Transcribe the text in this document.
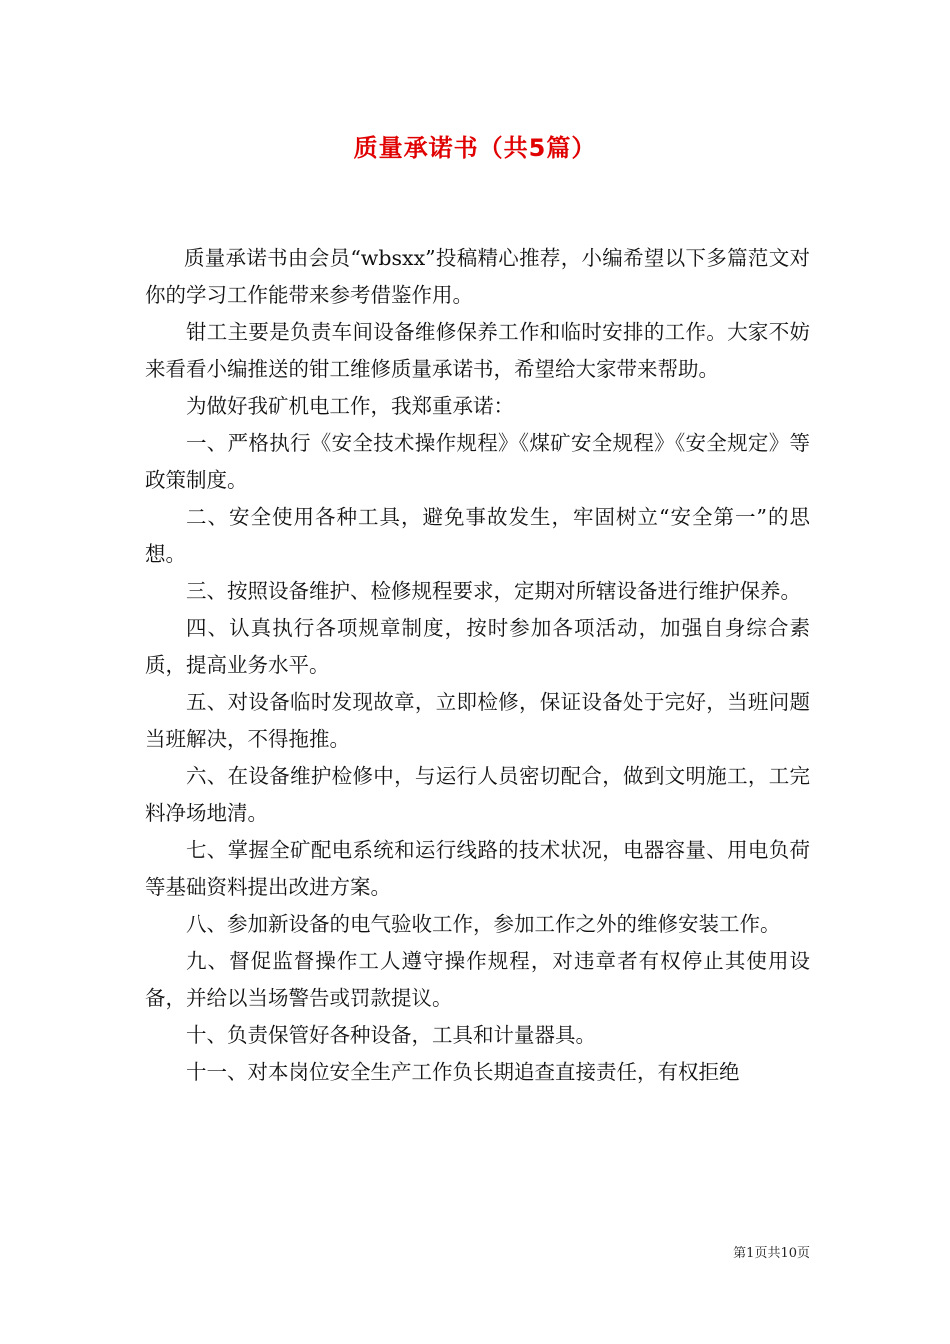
质量承诺书（共5篇）

质量承诺书由会员“wbsxx”投稿精心推荐，小编希望以下多篇范文对你的学习工作能带来参考借鉴作用。

钳工主要是负责车间设备维修保养工作和临时安排的工作。大家不妨来看看小编推送的钳工维修质量承诺书，希望给大家带来帮助。

为做好我矿机电工作，我郑重承诺：

一、严格执行《安全技术操作规程》《煤矿安全规程》《安全规定》等政策制度。

二、安全使用各种工具，避免事故发生，牢固树立“安全第一”的思想。

三、按照设备维护、检修规程要求，定期对所辖设备进行维护保养。

四、认真执行各项规章制度，按时参加各项活动，加强自身综合素质，提高业务水平。

五、对设备临时发现故章，立即检修，保证设备处于完好，当班问题当班解决，不得拖推。

六、在设备维护检修中，与运行人员密切配合，做到文明施工，工完料净场地清。

七、掌握全矿配电系统和运行线路的技术状况，电器容量、用电负荷等基础资料提出改进方案。

八、参加新设备的电气验收工作，参加工作之外的维修安装工作。

九、督促监督操作工人遵守操作规程，对违章者有权停止其使用设备，并给以当场警告或罚款提议。

十、负责保管好各种设备，工具和计量器具。

十一、对本岗位安全生产工作负长期追查直接责任，有权拒绝

第1页共10页
